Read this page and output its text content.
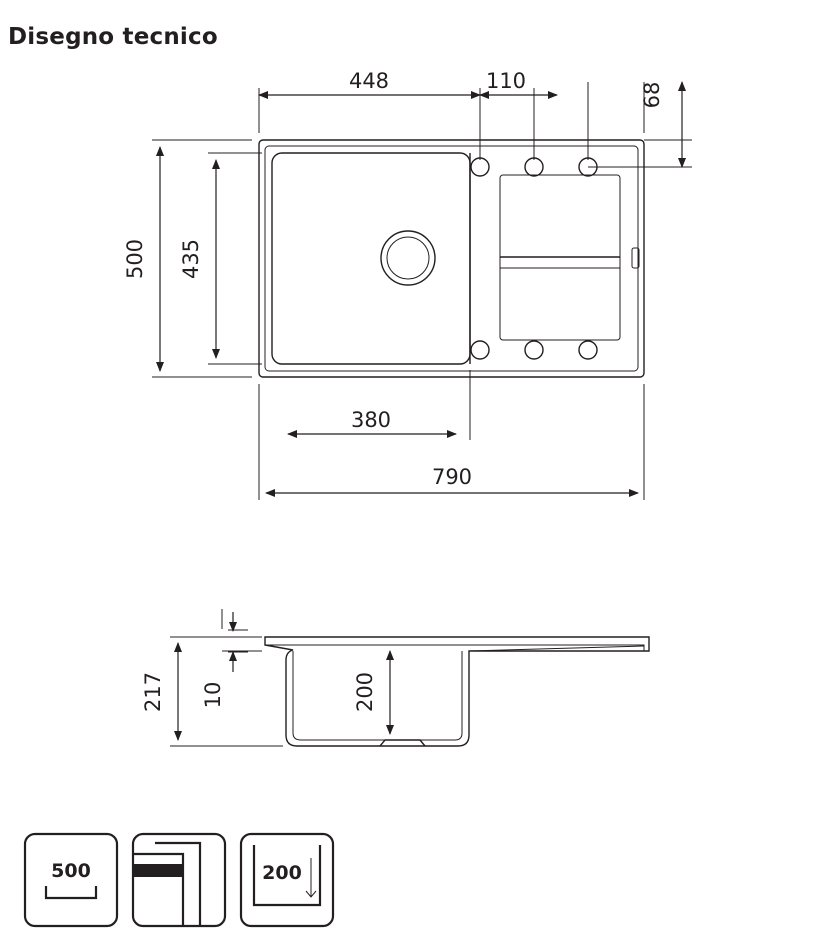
Disegno tecnico
448	110
68
500 435
380
790
217 10	200
500	200
